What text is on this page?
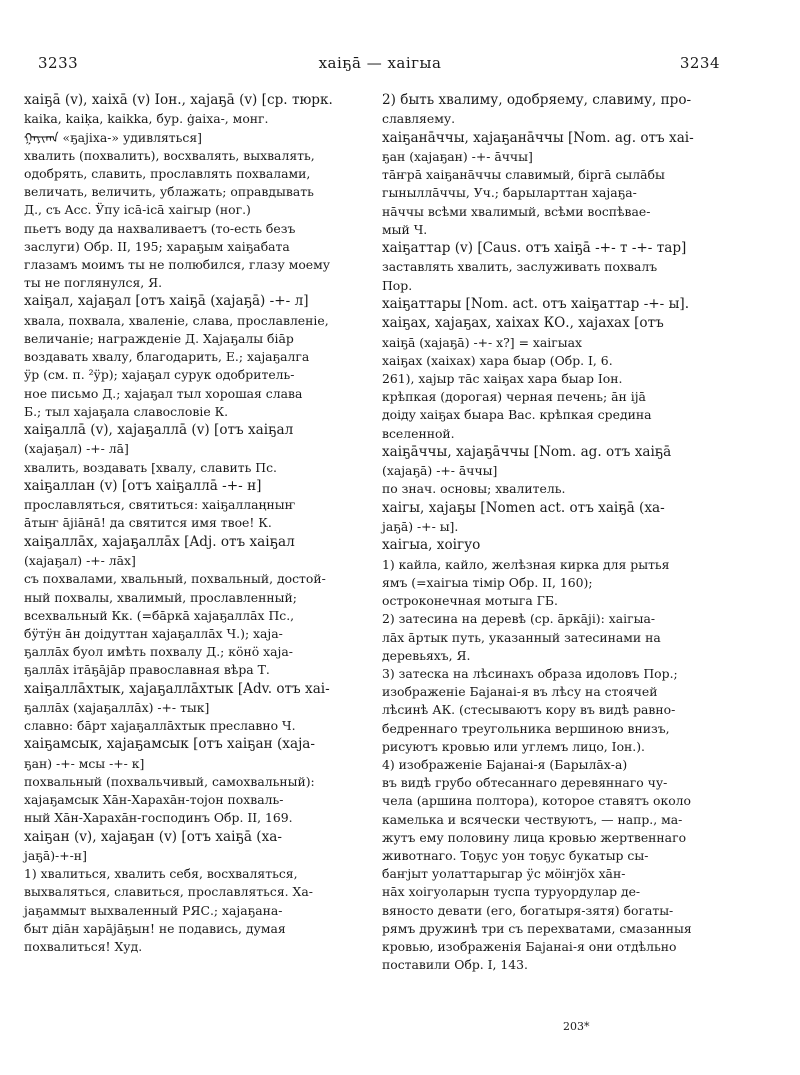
3233	хаіҕā — хаігыа	3234
хаіҕā (v), хаіхā (v) Іон., хаjаҕā (v) [ср. тюрк.
kaika, kaiḳa, kaikka, бур. ġaiха-, монг.
ᠭᠠᠶᠢᠬᠠ «ҕаjіха-» удивляться]
хвалить (похвалить), восхвалять, выхвалять,
одобрять, славить, прославлять похвалами,
величать, величить, ублажать; оправдывать
Д., съ Acc. Ӱпу ісā-ісā хаігыр (ног.)
пьетъ воду да нахваливаетъ (то-есть безъ
заслуги) Обр. II, 195; хараҕым хаіҕабата
глазамъ моимъ ты не полюбился, глазу моему
ты не поглянулся, Я.
хаіҕал, хаjаҕал [отъ хаіҕā (хаjаҕā) -+- л]
хвала, похвала, хваленіе, слава, прославленіе,
величаніе; награжденіе Д. Хаjаҕалы біāр
воздавать хвалу, благодарить, Е.; хаjаҕалга
ӱр (см. п. ²ӱр); хаjаҕал сурук одобритель-
ное письмо Д.; хаjаҕал тыл хорошая слава
Б.; тыл хаjаҕала славословіе К.
хаіҕаллā (v), хаjаҕаллā (v) [отъ хаіҕал
(хаjаҕал) -+- лā]
хвалить, воздавать [хвалу, славить Пс.
хаіҕаллан (v) [отъ хаіҕаллā -+- н]
прославляться, святиться: хаіҕаллаңныҥ
āтыҥ ājіāнā! да святится имя твое! К.
хаіҕаллāх, хаjаҕаллāх [Adj. отъ хаіҕал
(хаjаҕал) -+- лāх]
съ похвалами, хвальный, похвальный, достой-
ный похвалы, хвалимый, прославленный;
всехвальный Кк. (=бāркā хаjаҕаллāх Пс.,
бӱтӱн āн доідуттан хаjаҕаллāх Ч.); хаjа-
ҕаллāх буол имѣть похвалу Д.; кӧнӧ хаjа-
ҕаллāх ітāҕājāр православная вѣра Т.
хаіҕаллāхтык, хаjаҕаллāхтык [Adv. отъ хаі-
ҕаллāх (хаjаҕаллāх) -+- тык]
славно: бāрт хаjаҕаллāхтык преславно Ч.
хаіҕамсык, хаjаҕамсык [отъ хаіҕан (хаjа-
ҕан) -+- мсы -+- к]
похвальный (похвальчивый, самохвальный):
хаjаҕамсык Хāн-Харахāн-тоjон похваль-
ный Хāн-Харахāн-господинъ Обр. II, 169.
хаіҕан (v), хаjаҕан (v) [отъ хаіҕā (ха-
jаҕā)-+-н]
1) хвалиться, хвалить себя, восхваляться,
выхваляться, славиться, прославляться. Ха-
jаҕаммыт выхваленный РЯС.; хаjаҕана-
быт діāн харājāҕын! не подавись, думая
похвалиться! Худ.
2) быть хвалиму, одобряему, славиму, про-
славляему.
хаіҕанāччы, хаjаҕанāччы [Nom. ag. отъ хаі-
ҕан (хаjаҕан) -+- āччы]
тāҥрā хаіҕанāччы славимый, біргā сылāбы
гыныллāччы, Уч.; барыларттан хаjаҕа-
нāччы всѣми хвалимый, всѣми воспѣвае-
мый Ч.
хаіҕаттар (v) [Caus. отъ хаіҕā -+- т -+- тар]
заставлять хвалить, заслуживать похвалъ
Пор.
хаіҕаттары [Nom. act. отъ хаіҕаттар -+- ы].
хаіҕах, хаjаҕах, хаіхах КО., хаjахах [отъ
хаіҕā (хаjаҕā) -+- х?] = хаігыах
хаіҕах (хаіхах) хара быар (Обр. I, 6.
261), хаjыр тāс хаіҕах хара быар Іон.
крѣпкая (дорогая) черная печень; āн іjā
доіду хаіҕах быара Вас. крѣпкая средина
вселенной.
хаіҕāччы, хаjаҕāччы [Nom. ag. отъ хаіҕā
(хаjаҕā) -+- āччы]
по знач. основы; хвалитель.
хаігы, хаjаҕы [Nomen act. отъ хаіҕā (ха-
jаҕā) -+- ы].
хаігыа, хоігуо
1) кайла, кайло, желѣзная кирка для рытья
ямъ (=хаігыа тімір Обр. II, 160);
остроконечная мотыга ГБ.
2) затесина на деревѣ (ср. āркājі): хаігыа-
лāх āртык путь, указанный затесинами на
деревьяхъ, Я.
3) затеска на лѣсинахъ образа идоловъ Пор.;
изображеніе Баjанаі-я въ лѣсу на стоячей
лѣсинѣ АК. (стесываютъ кору въ видѣ равно-
бедреннаго треугольника вершиною внизъ,
рисуютъ кровью или углемъ лицо, Іон.).
4) изображеніе Баjанаі-я (Барылāх-а)
въ видѣ грубо обтесаннаго деревяннаго чу-
чела (аршина полтора), которое ставятъ около
камелька и всячески чествуютъ, — напр., ма-
жутъ ему половину лица кровью жертвеннаго
животнаго. Тоҕус уон тоҕус букатыр сы-
баҥjыт уолаттарыгар ӱс мӧіҥjӧх хāн-
нāх хоігуоларын туспа туруордулар де-
вяносто девати (его, богатыря-зятя) богаты-
рямъ дружинѣ три съ перехватами, смазанныя
кровью, изображенія Баjанаі-я они отдѣльно
поставили Обр. I, 143.
203*
